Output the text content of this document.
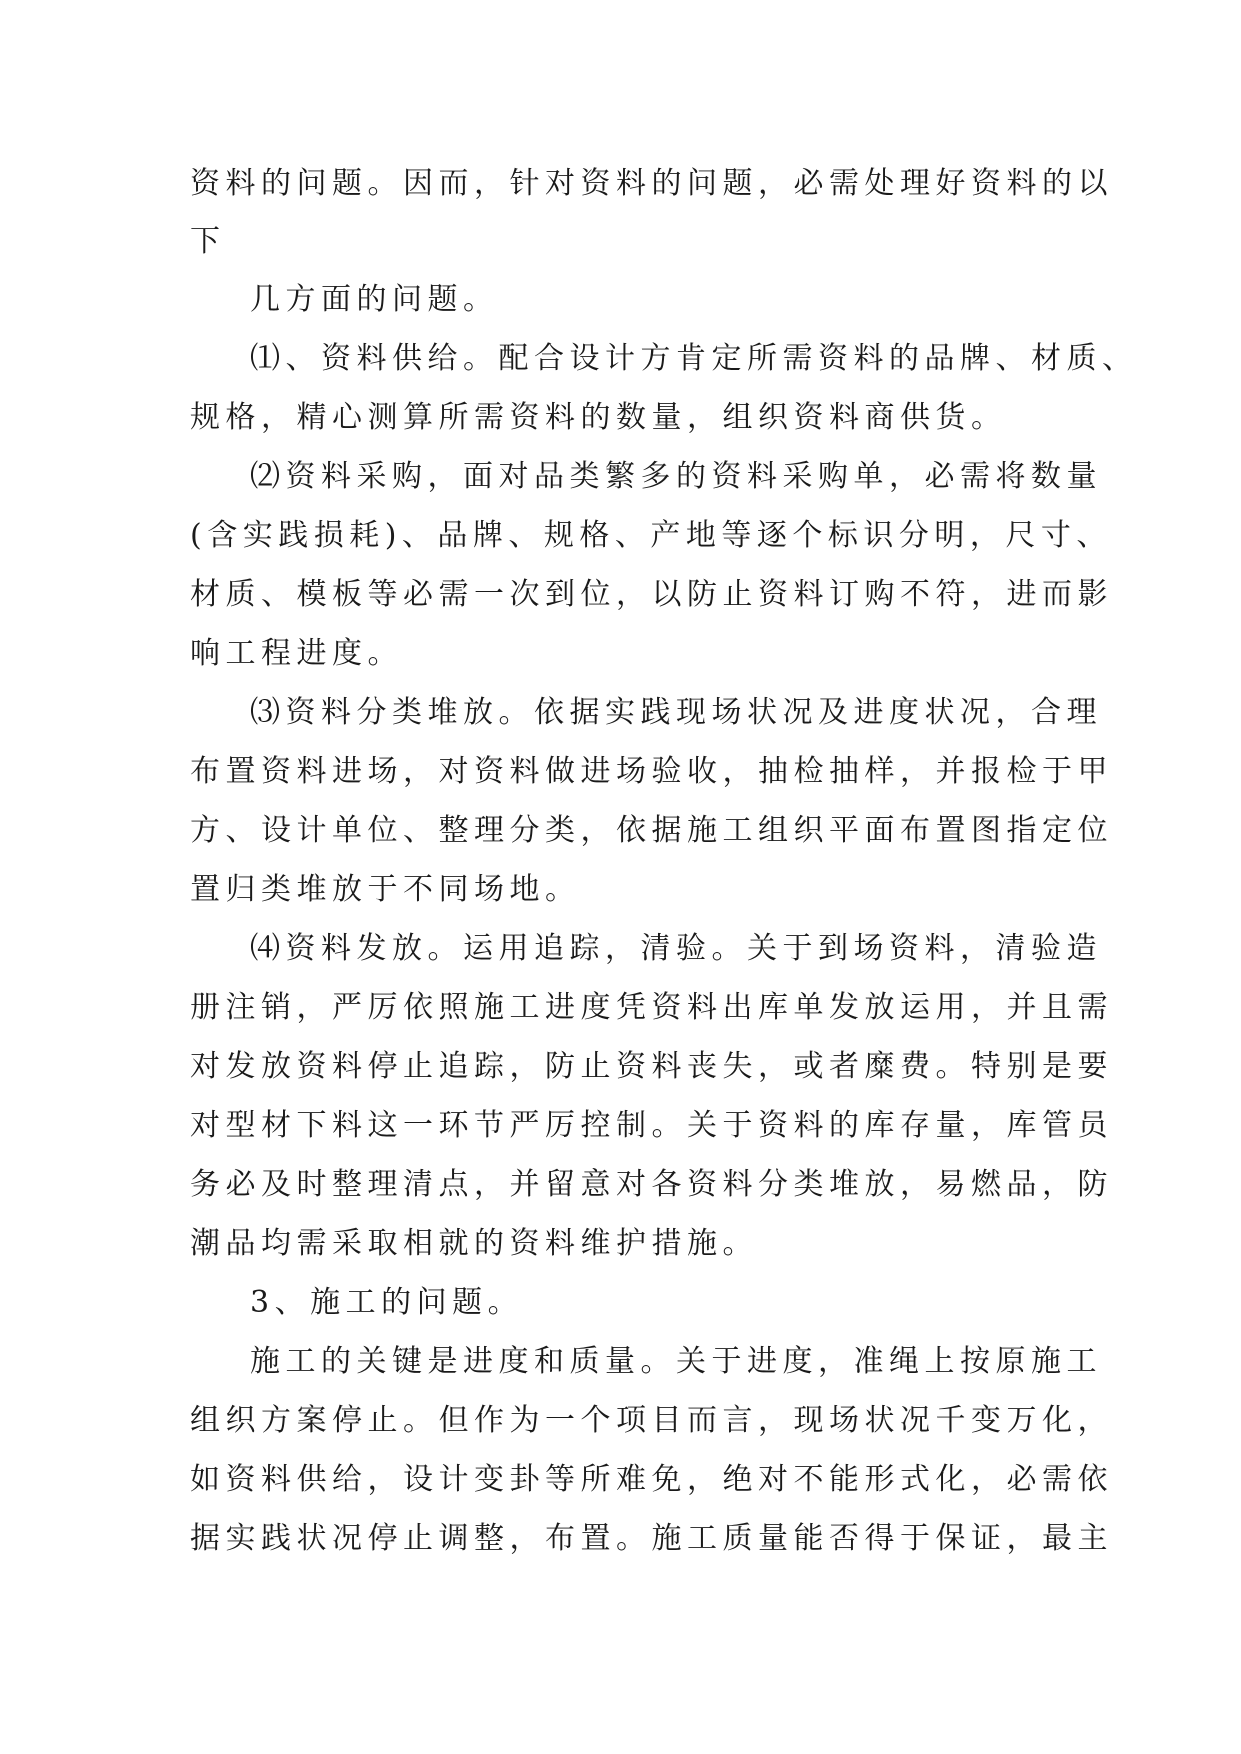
资料的问题。因而，针对资料的问题，必需处理好资料的以
下
几方面的问题。
⑴、资料供给。配合设计方肯定所需资料的品牌、材质、
规格，精心测算所需资料的数量，组织资料商供货。
⑵资料采购，面对品类繁多的资料采购单，必需将数量
(含实践损耗)、品牌、规格、产地等逐个标识分明，尺寸、
材质、模板等必需一次到位，以防止资料订购不符，进而影
响工程进度。
⑶资料分类堆放。依据实践现场状况及进度状况，合理
布置资料进场，对资料做进场验收，抽检抽样，并报检于甲
方、设计单位、整理分类，依据施工组织平面布置图指定位
置归类堆放于不同场地。
⑷资料发放。运用追踪，清验。关于到场资料，清验造
册注销，严厉依照施工进度凭资料出库单发放运用，并且需
对发放资料停止追踪，防止资料丧失，或者糜费。特别是要
对型材下料这一环节严厉控制。关于资料的库存量，库管员
务必及时整理清点，并留意对各资料分类堆放，易燃品，防
潮品均需采取相就的资料维护措施。
3、施工的问题。
施工的关键是进度和质量。关于进度，准绳上按原施工
组织方案停止。但作为一个项目而言，现场状况千变万化，
如资料供给，设计变卦等所难免，绝对不能形式化，必需依
据实践状况停止调整，布置。施工质量能否得于保证，最主
